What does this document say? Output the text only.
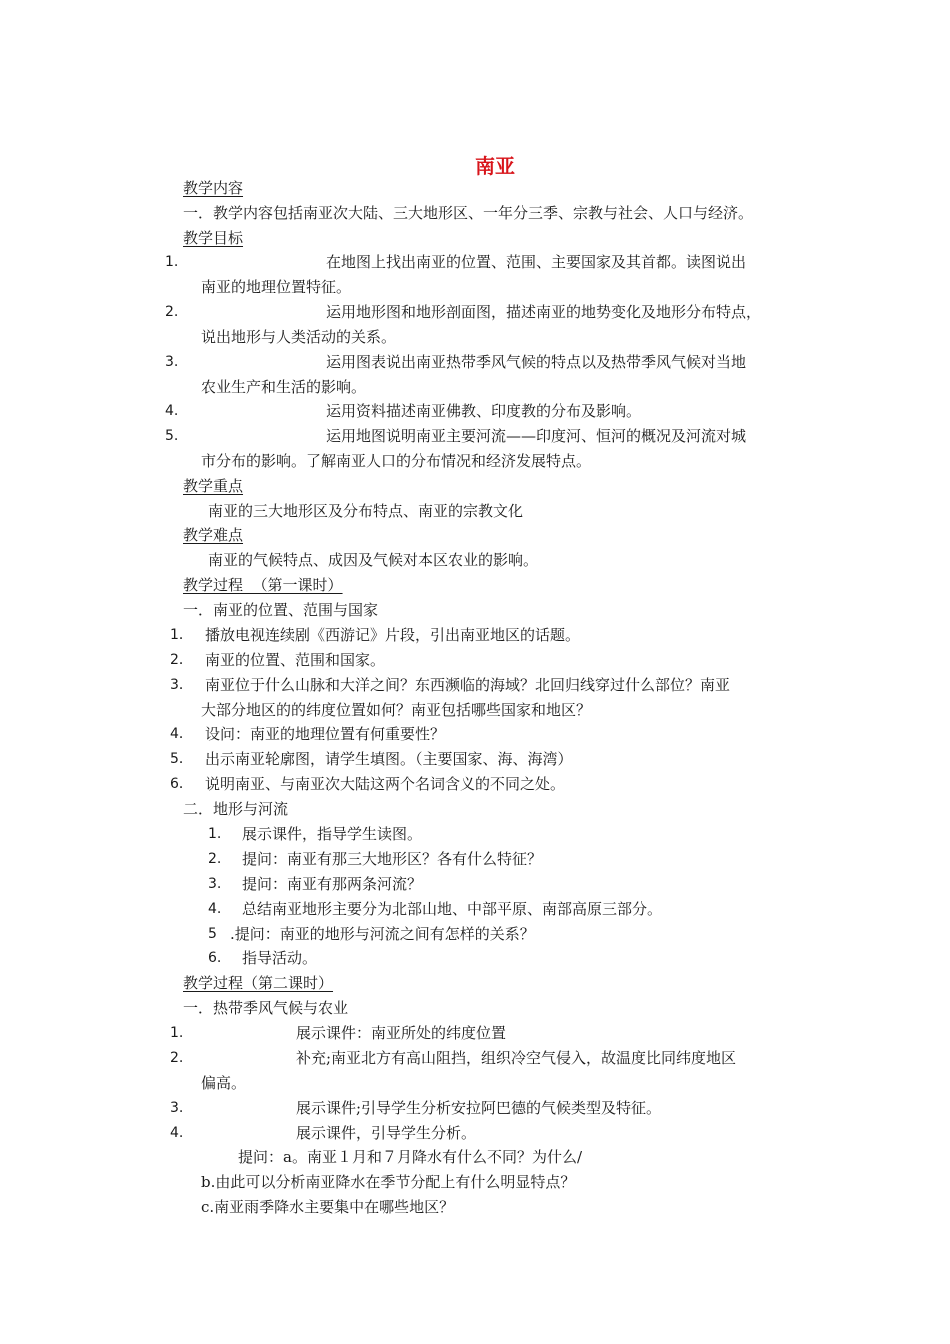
南亚
教学内容
一．教学内容包括南亚次大陆、三大地形区、一年分三季、宗教与社会、人口与经济。
教学目标
1.	在地图上找出南亚的位置、范围、主要国家及其首都。读图说出
南亚的地理位置特征。
2.	运用地形图和地形剖面图，描述南亚的地势变化及地形分布特点，
说出地形与人类活动的关系。
3.	运用图表说出南亚热带季风气候的特点以及热带季风气候对当地
农业生产和生活的影响。
4.	运用资料描述南亚佛教、印度教的分布及影响。
5.	运用地图说明南亚主要河流——印度河、恒河的概况及河流对城
市分布的影响。了解南亚人口的分布情况和经济发展特点。
教学重点
南亚的三大地形区及分布特点、南亚的宗教文化
教学难点
南亚的气候特点、成因及气候对本区农业的影响。
教学过程  （第一课时）
一．南亚的位置、范围与国家
1． 播放电视连续剧《西游记》片段，引出南亚地区的话题。
2． 南亚的位置、范围和国家。
3． 南亚位于什么山脉和大洋之间？东西濒临的海域？北回归线穿过什么部位？南亚
大部分地区的的纬度位置如何？南亚包括哪些国家和地区？
4． 设问：南亚的地理位置有何重要性？
5． 出示南亚轮廓图，请学生填图。（主要国家、海、海湾）
6． 说明南亚、与南亚次大陆这两个名词含义的不同之处。
二．地形与河流
1. 展示课件，指导学生读图。
2. 提问：南亚有那三大地形区？各有什么特征？
3. 提问：南亚有那两条河流？
4. 总结南亚地形主要分为北部山地、中部平原、南部高原三部分。
5 .提问：南亚的地形与河流之间有怎样的关系？
6. 指导活动。
教学过程（第二课时）
一．热带季风气候与农业
1.	展示课件：南亚所处的纬度位置
2.	补充;南亚北方有高山阻挡，组织冷空气侵入，故温度比同纬度地区
偏高。
3.	展示课件;引导学生分析安拉阿巴德的气候类型及特征。
4.	展示课件，引导学生分析。
提问：a。南亚１月和７月降水有什么不同？为什么/
b.由此可以分析南亚降水在季节分配上有什么明显特点？
c.南亚雨季降水主要集中在哪些地区？
